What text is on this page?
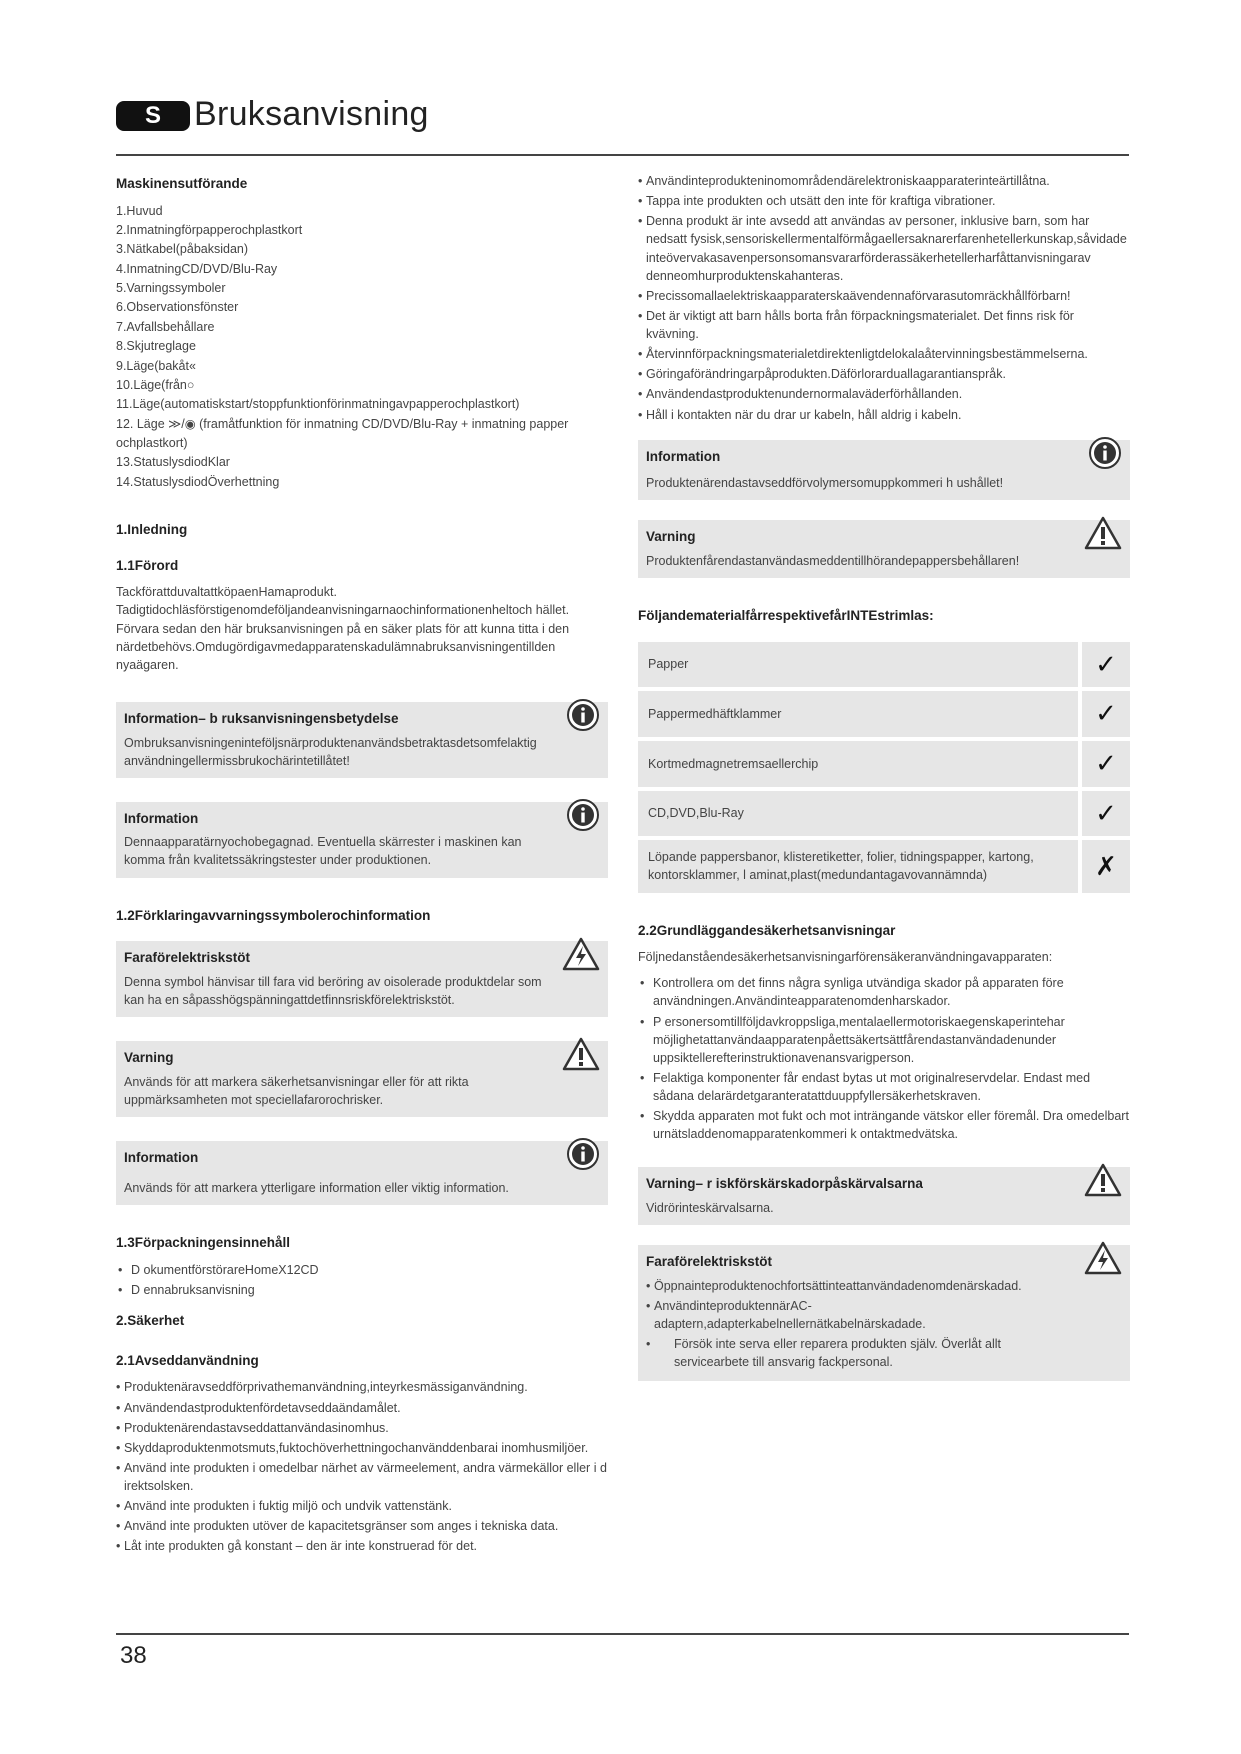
S Bruksanvisning
Maskinensutförande
1.Huvud
2.Inmatningförpapperochplastkort
3.Nätkabel(påbaksidan)
4.InmatningCD/DVD/Blu-Ray
5.Varningssymboler
6.Observationsfönster
7.Avfallsbehållare
8.Skjutreglage
9.Läge(bakåt«
10.Läge(från○
11.Läge(automatiskstart/stoppfunktionförinmatningavpapperochplastkort)
12. Läge ≫/◉ (framåtfunktion för inmatning CD/DVD/Blu-Ray + inmatning papper ochplastkort)
13.StatuslysdiodKlar
14.StatuslysdiodÖverhettning
1.Inledning
1.1Förord
TackförattduvaltattköpaenHamaprodukt.
Tadigtidochläsförstigenomdeföljandeanvisningarnaochinformationenheltoch hället. Förvara sedan den här bruksanvisningen på en säker plats för att kunna titta i den närdetbehövs.Omdugördigavmedapparatenskadulämnabruksanvisningentillden nyaägaren.
Information– b ruksanvisningensbetydelse
Ombruksanvisningeninteföljsnärproduktenanvändsbetraktasdetsomfelaktig användningellermissbrukochärintetillåtet!
Information
Dennaapparatärnyochobegagnad. Eventuella skärrester i maskinen kan komma från kvalitetssäkringstester under produktionen.
1.2Förklaringavvarningssymbolerochinformation
Faraförelektriskstöt
Denna symbol hänvisar till fara vid beröring av oisolerade produktdelar som kan ha en såpasshögspänningattdetfinnsriskförelektriskstöt.
Varning
Används för att markera säkerhetsanvisningar eller för att rikta uppmärksamheten mot speciellafarorochrisker.
Information
Används för att markera ytterligare information eller viktig information.
1.3Förpackningensinnehåll
• D okumentförstörareHomeX12CD
• D ennabruksanvisning
2.Säkerhet
2.1Avseddanvändning
• Produktenäravseddförprivathemanvändning,inteyrkesmässiganvändning.
• Användendastproduktenfördetavseddaändamålet.
• Produktenärendastavseddattanvändasinomhus.
• Skyddaproduktenmotsmuts,fuktochöverhettningochanvänddenbarai inomhusmiljöer.
• Använd inte produkten i omedelbar närhet av värmeelement, andra värmekällor eller i d irektsolsken.
• Använd inte produkten i fuktig miljö och undvik vattenstänk.
• Använd inte produkten utöver de kapacitetsgränser som anges i tekniska data.
• Låt inte produkten gå konstant – den är inte konstruerad för det.
• Användinteprodukteninomområdendärelektroniskaapparaterinteärtillåtna.
• Tappa inte produkten och utsätt den inte för kraftiga vibrationer.
• Denna produkt är inte avsedd att användas av personer, inklusive barn, som har nedsatt fysisk,sensoriskellermentalförmågaellersaknarerfarenhetellerkunskap,såvidade inteövervakasavenpersonsomansvararförderassäkerhetellerharfåttanvisningarav denneomhurproduktenskahanteras.
• Precissomallaelektriskaapparaterskaävendennaförvarasutomräckhållförbarn!
• Det är viktigt att barn hålls borta från förpackningsmaterialet. Det finns risk för kvävning.
• Återvinnförpackningsmaterialetdirektenligtdelokalaåtervinningsbestämmelserna.
• Göringaförändringarpåprodukten.Däförlorarduallagarantianspråk.
• Användendastproduktenundernormalaväderförhållanden.
• Håll i kontakten när du drar ur kabeln, håll aldrig i kabeln.
Information
Produktenärendastavseddförvolymersomuppkommeri h ushållet!
Varning
Produktenfårendastanvändasmeddentillhörandepappersbehållaren!
FöljandematerialfårrespektivefårINTEstrimlas:
Papper	✓
Pappermedhäftklammer	✓
Kortmedmagnetremsaellerchip	✓
CD,DVD,Blu-Ray	✓
Löpande pappersbanor, klisteretiketter, folier, tidningspapper, kartong, kontorsklammer, l aminat,plast(medundantagavovannämnda)	✗
2.2Grundläggandesäkerhetsanvisningar
Följnedanståendesäkerhetsanvisningarförensäkeranvändningavapparaten:
• Kontrollera om det finns några synliga utvändiga skador på apparaten före användningen.Användinteapparatenomdenharskador.
• P ersonersomtillföljdavkroppsliga,mentalaellermotoriskaegenskaperintehar möjlighetattanvändaapparatenpåettsäkertsättfårendastanvändadenunder uppsiktellerefterinstruktionavenansvarigperson.
• Felaktiga komponenter får endast bytas ut mot originalreservdelar. Endast med sådana delarärdetgaranteratattduuppfyllersäkerhetskraven.
• Skydda apparaten mot fukt och mot inträngande vätskor eller föremål. Dra omedelbart urnätsladdenomapparatenkommeri k ontaktmedvätska.
Varning– r iskförskärskadorpåskärvalsarna
Vidrörinteskärvalsarna.
Faraförelektriskstöt
• Öppnainteproduktenochfortsättinteattanvändadenomdenärskadad.
• AnvändinteproduktennärAC-adaptern,adapterkabelnellernätkabelnärskadade.
• Försök inte serva eller reparera produkten själv. Överlåt allt servicearbete till ansvarig fackpersonal.
38
